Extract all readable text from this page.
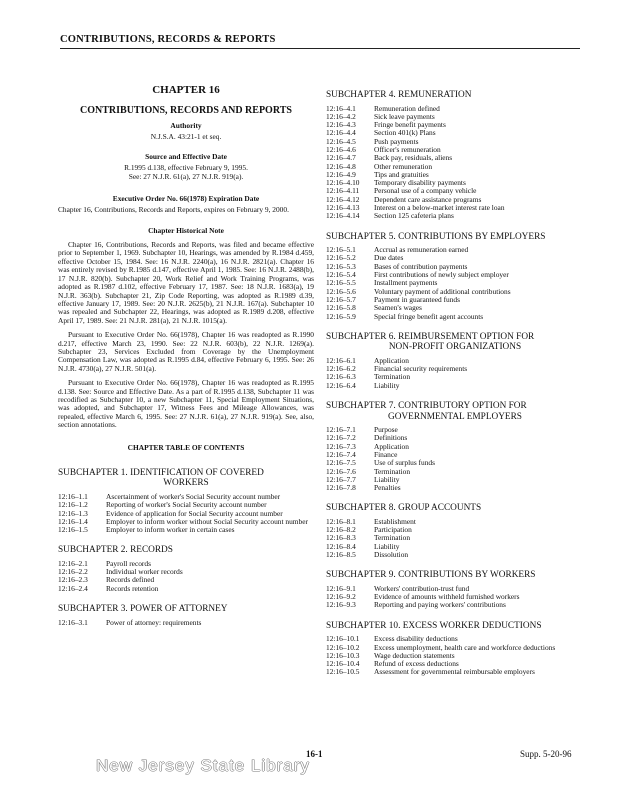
CONTRIBUTIONS, RECORDS & REPORTS
CHAPTER 16
CONTRIBUTIONS, RECORDS AND REPORTS
Authority
N.J.S.A. 43:21-1 et seq.
Source and Effective Date
R.1995 d.138, effective February 9, 1995.
See: 27 N.J.R. 61(a), 27 N.J.R. 919(a).
Executive Order No. 66(1978) Expiration Date

Chapter 16, Contributions, Records and Reports, expires on February 9, 2000.

Chapter Historical Note

Chapter 16, Contributions, Records and Reports, was filed and became effective prior to September 1, 1969. Subchapter 10, Hearings, was amended by R.1984 d.459, effective October 15, 1984. See: 16 N.J.R. 2240(a), 16 N.J.R. 2821(a). Chapter 16 was entirely revised by R.1985 d.147, effective April 1, 1985. See: 16 N.J.R. 2488(b), 17 N.J.R. 820(b). Subchapter 20, Work Relief and Work Training Programs, was adopted as R.1987 d.102, effective February 17, 1987. See: 18 N.J.R. 1683(a), 19 N.J.R. 363(b). Subchapter 21, Zip Code Reporting, was adopted as R.1989 d.39, effective January 17, 1989. See: 20 N.J.R. 2625(b), 21 N.J.R. 167(a). Subchapter 10 was repealed and Subchapter 22, Hearings, was adopted as R.1989 d.208, effective April 17, 1989. See: 21 N.J.R. 281(a), 21 N.J.R. 1015(a).

Pursuant to Executive Order No. 66(1978), Chapter 16 was readopted as R.1990 d.217, effective March 23, 1990. See: 22 N.J.R. 603(b), 22 N.J.R. 1269(a). Subchapter 23, Services Excluded from Coverage by the Unemployment Compensation Law, was adopted as R.1995 d.84, effective February 6, 1995. See: 26 N.J.R. 4730(a), 27 N.J.R. 501(a).

Pursuant to Executive Order No. 66(1978), Chapter 16 was readopted as R.1995 d.138. See: Source and Effective Date. As a part of R.1995 d.138, Subchapter 11 was recodified as Subchapter 10, a new Subchapter 11, Special Employment Situations, was adopted, and Subchapter 17, Witness Fees and Mileage Allowances, was repealed, effective March 6, 1995. See: 27 N.J.R. 61(a), 27 N.J.R. 919(a). See, also, section annotations.

CHAPTER TABLE OF CONTENTS
SUBCHAPTER 1. IDENTIFICATION OF COVERED
WORKERS
12:16–1.1	Ascertainment of worker's Social Security account number
12:16–1.2	Reporting of worker's Social Security account number
12:16–1.3	Evidence of application for Social Security account number
12:16–1.4	Employer to inform worker without Social Security account number
12:16–1.5	Employer to inform worker in certain cases
SUBCHAPTER 2. RECORDS
12:16–2.1	Payroll records
12:16–2.2	Individual worker records
12:16–2.3	Records defined
12:16–2.4	Records retention
SUBCHAPTER 3. POWER OF ATTORNEY
12:16–3.1	Power of attorney: requirements
SUBCHAPTER 4. REMUNERATION
12:16–4.1	Remuneration defined
12:16–4.2	Sick leave payments
12:16–4.3	Fringe benefit payments
12:16–4.4	Section 401(k) Plans
12:16–4.5	Push payments
12:16–4.6	Officer's remuneration
12:16–4.7	Back pay, residuals, aliens
12:16–4.8	Other remuneration
12:16–4.9	Tips and gratuities
12:16–4.10	Temporary disability payments
12:16–4.11	Personal use of a company vehicle
12:16–4.12	Dependent care assistance programs
12:16–4.13	Interest on a below-market interest rate loan
12:16–4.14	Section 125 cafeteria plans
SUBCHAPTER 5. CONTRIBUTIONS BY EMPLOYERS
12:16–5.1	Accrual as remuneration earned
12:16–5.2	Due dates
12:16–5.3	Bases of contribution payments
12:16–5.4	First contributions of newly subject employer
12:16–5.5	Installment payments
12:16–5.6	Voluntary payment of additional contributions
12:16–5.7	Payment in guaranteed funds
12:16–5.8	Seamen's wages
12:16–5.9	Special fringe benefit agent accounts
SUBCHAPTER 6. REIMBURSEMENT OPTION FOR
NON-PROFIT ORGANIZATIONS
12:16–6.1	Application
12:16–6.2	Financial security requirements
12:16–6.3	Termination
12:16–6.4	Liability
SUBCHAPTER 7. CONTRIBUTORY OPTION FOR
GOVERNMENTAL EMPLOYERS
12:16–7.1	Purpose
12:16–7.2	Definitions
12:16–7.3	Application
12:16–7.4	Finance
12:16–7.5	Use of surplus funds
12:16–7.6	Termination
12:16–7.7	Liability
12:16–7.8	Penalties
SUBCHAPTER 8. GROUP ACCOUNTS
12:16–8.1	Establishment
12:16–8.2	Participation
12:16–8.3	Termination
12:16–8.4	Liability
12:16–8.5	Dissolution
SUBCHAPTER 9. CONTRIBUTIONS BY WORKERS
12:16–9.1	Workers' contribution-trust fund
12:16–9.2	Evidence of amounts withheld furnished workers
12:16–9.3	Reporting and paying workers' contributions
SUBCHAPTER 10. EXCESS WORKER DEDUCTIONS
12:16–10.1	Excess disability deductions
12:16–10.2	Excess unemployment, health care and workforce deductions
12:16–10.3	Wage deduction statements
12:16–10.4	Refund of excess deductions
12:16–10.5	Assessment for governmental reimbursable employers
16-1	Supp. 5-20-96
New Jersey State Library
